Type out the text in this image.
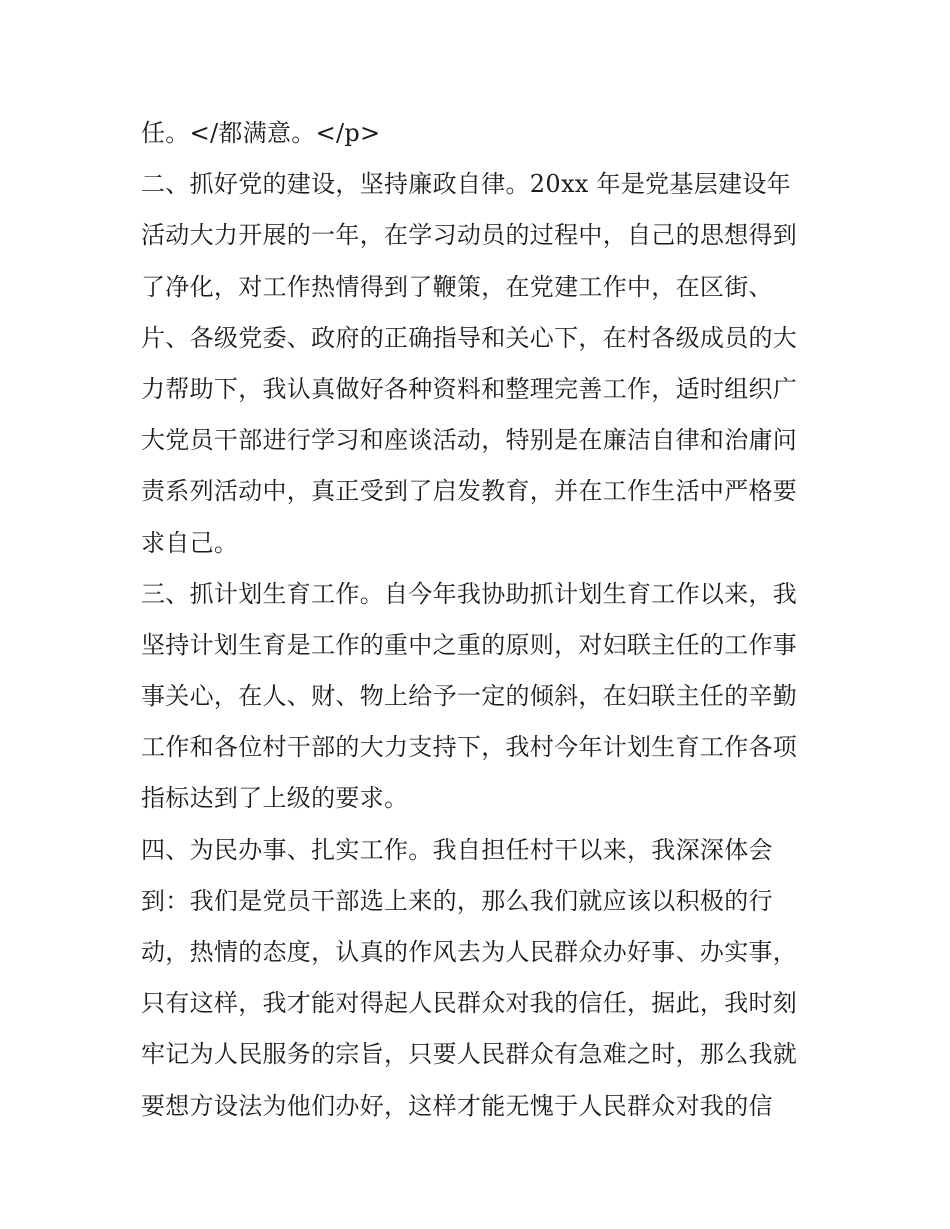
任。</都满意。</p>
二、抓好党的建设，坚持廉政自律。20xx 年是党基层建设年
活动大力开展的一年，在学习动员的过程中，自己的思想得到
了净化，对工作热情得到了鞭策，在党建工作中，在区街、
片、各级党委、政府的正确指导和关心下，在村各级成员的大
力帮助下，我认真做好各种资料和整理完善工作，适时组织广
大党员干部进行学习和座谈活动，特别是在廉洁自律和治庸问
责系列活动中，真正受到了启发教育，并在工作生活中严格要
求自己。
三、抓计划生育工作。自今年我协助抓计划生育工作以来，我
坚持计划生育是工作的重中之重的原则，对妇联主任的工作事
事关心，在人、财、物上给予一定的倾斜，在妇联主任的辛勤
工作和各位村干部的大力支持下，我村今年计划生育工作各项
指标达到了上级的要求。
四、为民办事、扎实工作。我自担任村干以来，我深深体会
到：我们是党员干部选上来的，那么我们就应该以积极的行
动，热情的态度，认真的作风去为人民群众办好事、办实事，
只有这样，我才能对得起人民群众对我的信任，据此，我时刻
牢记为人民服务的宗旨，只要人民群众有急难之时，那么我就
要想方设法为他们办好，这样才能无愧于人民群众对我的信
